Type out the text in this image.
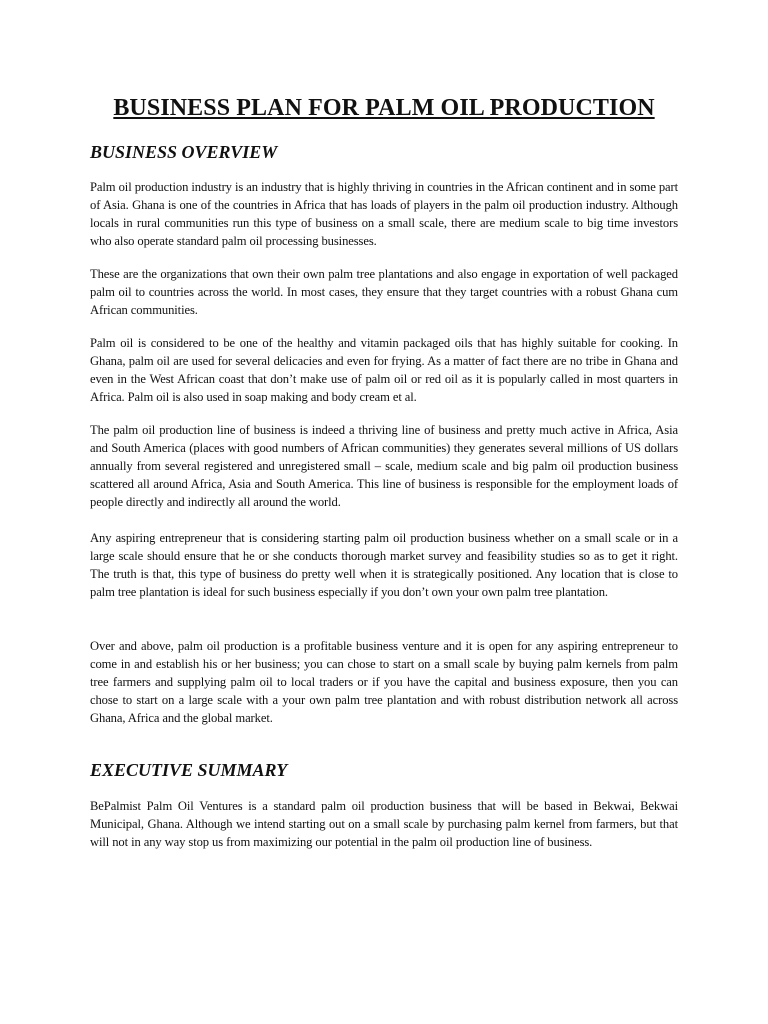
BUSINESS PLAN FOR PALM OIL PRODUCTION
BUSINESS OVERVIEW

Palm oil production industry is an industry that is highly thriving in countries in the African continent and in some part of Asia. Ghana is one of the countries in Africa that has loads of players in the palm oil production industry. Although locals in rural communities run this type of business on a small scale, there are medium scale to big time investors who also operate standard palm oil processing businesses.

These are the organizations that own their own palm tree plantations and also engage in exportation of well packaged palm oil to countries across the world. In most cases, they ensure that they target countries with a robust Ghana cum African communities.

Palm oil is considered to be one of the healthy and vitamin packaged oils that has highly suitable for cooking. In Ghana, palm oil are used for several delicacies and even for frying. As a matter of fact there are no tribe in Ghana and even in the West African coast that don’t make use of palm oil or red oil as it is popularly called in most quarters in Africa. Palm oil is also used in soap making and body cream et al.

The palm oil production line of business is indeed a thriving line of business and pretty much active in Africa, Asia and South America (places with good numbers of African communities) they generates several millions of US dollars annually from several registered and unregistered small – scale, medium scale and big palm oil production business scattered all around Africa, Asia and South America. This line of business is responsible for the employment loads of people directly and indirectly all around the world.

Any aspiring entrepreneur that is considering starting palm oil production business whether on a small scale or in a large scale should ensure that he or she conducts thorough market survey and feasibility studies so as to get it right. The truth is that, this type of business do pretty well when it is strategically positioned. Any location that is close to palm tree plantation is ideal for such business especially if you don’t own your own palm tree plantation.

Over and above, palm oil production is a profitable business venture and it is open for any aspiring entrepreneur to come in and establish his or her business; you can chose to start on a small scale by buying palm kernels from palm tree farmers and supplying palm oil to local traders or if you have the capital and business exposure, then you can chose to start on a large scale with a your own palm tree plantation and with robust distribution network all across Ghana, Africa and the global market.

EXECUTIVE SUMMARY

BePalmist Palm Oil Ventures is a standard palm oil production business that will be based in Bekwai, Bekwai Municipal, Ghana. Although we intend starting out on a small scale by purchasing palm kernel from farmers, but that will not in any way stop us from maximizing our potential in the palm oil production line of business.
